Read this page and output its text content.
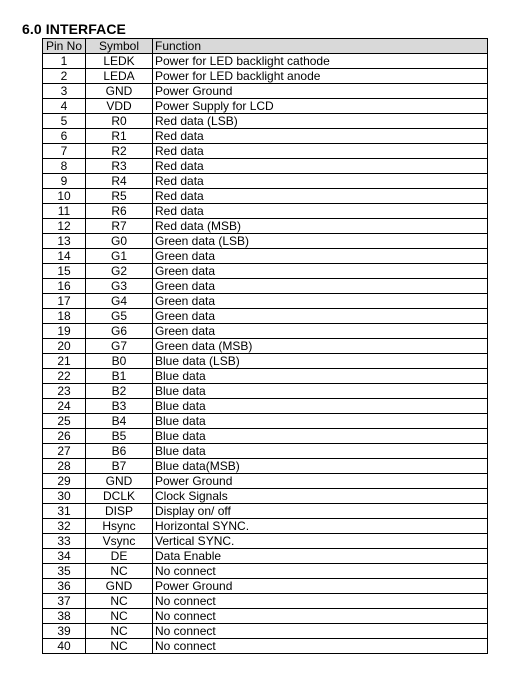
6.0 INTERFACE
Pin No	Symbol	Function
1	LEDK	Power for LED backlight cathode
2	LEDA	Power for LED backlight anode
3	GND	Power Ground
4	VDD	Power Supply for LCD
5	R0	Red data (LSB)
6	R1	Red data
7	R2	Red data
8	R3	Red data
9	R4	Red data
10	R5	Red data
11	R6	Red data
12	R7	Red data (MSB)
13	G0	Green data (LSB)
14	G1	Green data
15	G2	Green data
16	G3	Green data
17	G4	Green data
18	G5	Green data
19	G6	Green data
20	G7	Green data (MSB)
21	B0	Blue data (LSB)
22	B1	Blue data
23	B2	Blue data
24	B3	Blue data
25	B4	Blue data
26	B5	Blue data
27	B6	Blue data
28	B7	Blue data(MSB)
29	GND	Power Ground
30	DCLK	Clock Signals
31	DISP	Display on/ off
32	Hsync	Horizontal SYNC.
33	Vsync	Vertical SYNC.
34	DE	Data Enable
35	NC	No connect
36	GND	Power Ground
37	NC	No connect
38	NC	No connect
39	NC	No connect
40	NC	No connect
